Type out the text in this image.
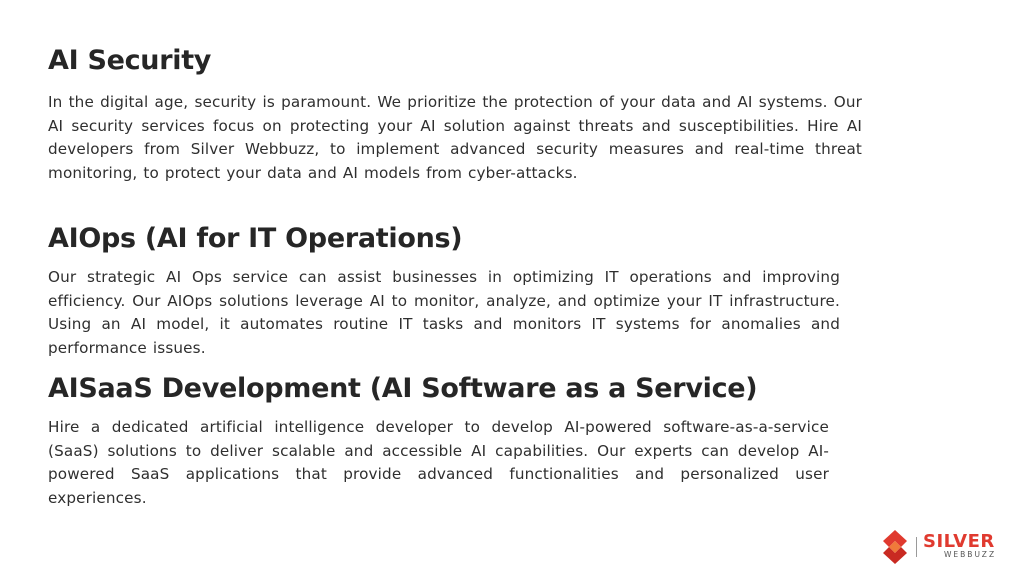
AI Security

In the digital age, security is paramount. We prioritize the protection of your data and AI systems. Our AI security services focus on protecting your AI solution against threats and susceptibilities. Hire AI developers from Silver Webbuzz, to implement advanced security measures and real-time threat monitoring, to protect your data and AI models from cyber-attacks.

AIOps (AI for IT Operations)

Our strategic AI Ops service can assist businesses in optimizing IT operations and improving efficiency. Our AIOps solutions leverage AI to monitor, analyze, and optimize your IT infrastructure. Using an AI model, it automates routine IT tasks and monitors IT systems for anomalies and performance issues.

AISaaS Development (AI Software as a Service)

Hire a dedicated artificial intelligence developer to develop AI-powered software-as-a-service (SaaS) solutions to deliver scalable and accessible AI capabilities. Our experts can develop AI-powered SaaS applications that provide advanced functionalities and personalized user experiences.

SILVER
WEBBUZZ
